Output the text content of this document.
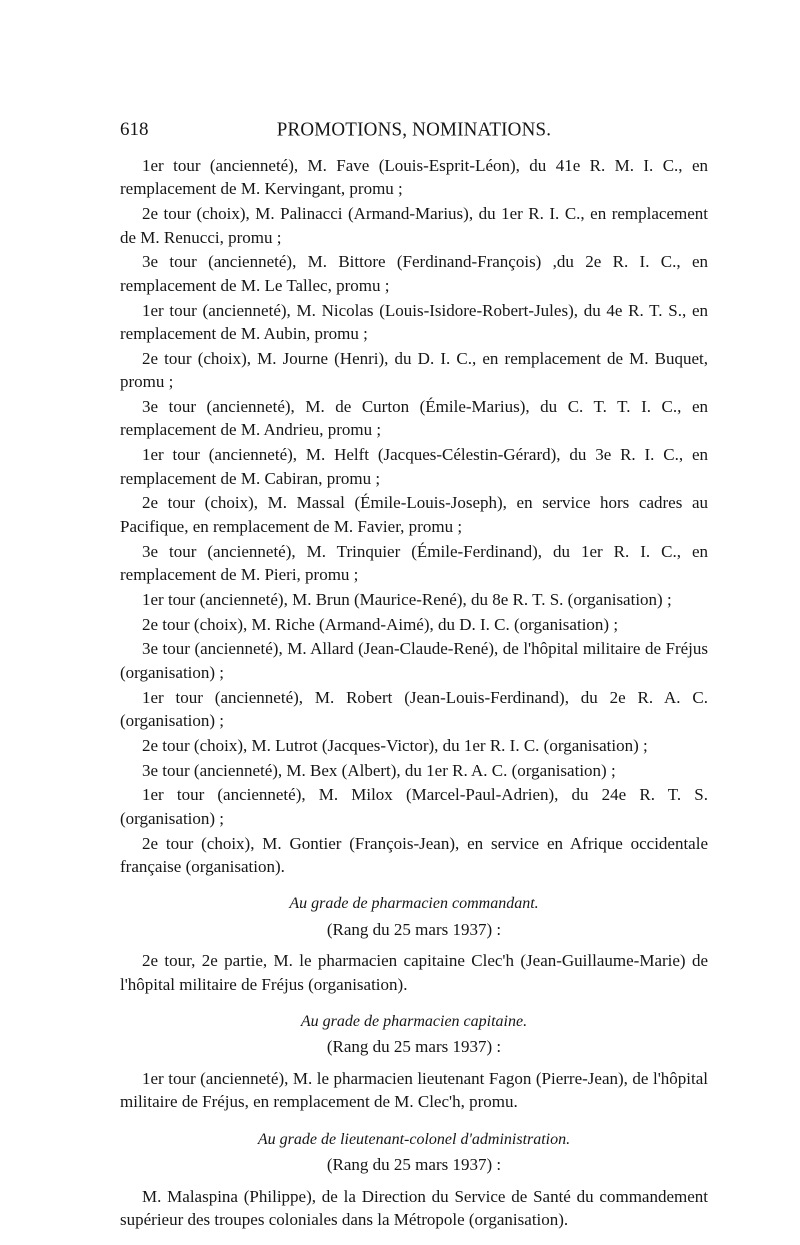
618	PROMOTIONS, NOMINATIONS.

1er tour (ancienneté), M. Fave (Louis-Esprit-Léon), du 41e R. M. I. C., en remplacement de M. Kervingant, promu ;

2e tour (choix), M. Palinacci (Armand-Marius), du 1er R. I. C., en remplacement de M. Renucci, promu ;

3e tour (ancienneté), M. Bittore (Ferdinand-François) ,du 2e R. I. C., en remplacement de M. Le Tallec, promu ;

1er tour (ancienneté), M. Nicolas (Louis-Isidore-Robert-Jules), du 4e R. T. S., en remplacement de M. Aubin, promu ;

2e tour (choix), M. Journe (Henri), du D. I. C., en remplacement de M. Buquet, promu ;

3e tour (ancienneté), M. de Curton (Émile-Marius), du C. T. T. I. C., en remplacement de M. Andrieu, promu ;

1er tour (ancienneté), M. Helft (Jacques-Célestin-Gérard), du 3e R. I. C., en remplacement de M. Cabiran, promu ;

2e tour (choix), M. Massal (Émile-Louis-Joseph), en service hors cadres au Pacifique, en remplacement de M. Favier, promu ;

3e tour (ancienneté), M. Trinquier (Émile-Ferdinand), du 1er R. I. C., en remplacement de M. Pieri, promu ;

1er tour (ancienneté), M. Brun (Maurice-René), du 8e R. T. S. (organisation) ;

2e tour (choix), M. Riche (Armand-Aimé), du D. I. C. (organisation) ;

3e tour (ancienneté), M. Allard (Jean-Claude-René), de l'hôpital militaire de Fréjus (organisation) ;

1er tour (ancienneté), M. Robert (Jean-Louis-Ferdinand), du 2e R. A. C. (organisation) ;

2e tour (choix), M. Lutrot (Jacques-Victor), du 1er R. I. C. (organisation) ;

3e tour (ancienneté), M. Bex (Albert), du 1er R. A. C. (organisation) ;

1er tour (ancienneté), M. Milox (Marcel-Paul-Adrien), du 24e R. T. S. (organisation) ;

2e tour (choix), M. Gontier (François-Jean), en service en Afrique occidentale française (organisation).

Au grade de pharmacien commandant.

(Rang du 25 mars 1937) :

2e tour, 2e partie, M. le pharmacien capitaine Clec'h (Jean-Guillaume-Marie) de l'hôpital militaire de Fréjus (organisation).

Au grade de pharmacien capitaine.

(Rang du 25 mars 1937) :

1er tour (ancienneté), M. le pharmacien lieutenant Fagon (Pierre-Jean), de l'hôpital militaire de Fréjus, en remplacement de M. Clec'h, promu.

Au grade de lieutenant-colonel d'administration.

(Rang du 25 mars 1937) :

M. Malaspina (Philippe), de la Direction du Service de Santé du commandement supérieur des troupes coloniales dans la Métropole (organisation).
